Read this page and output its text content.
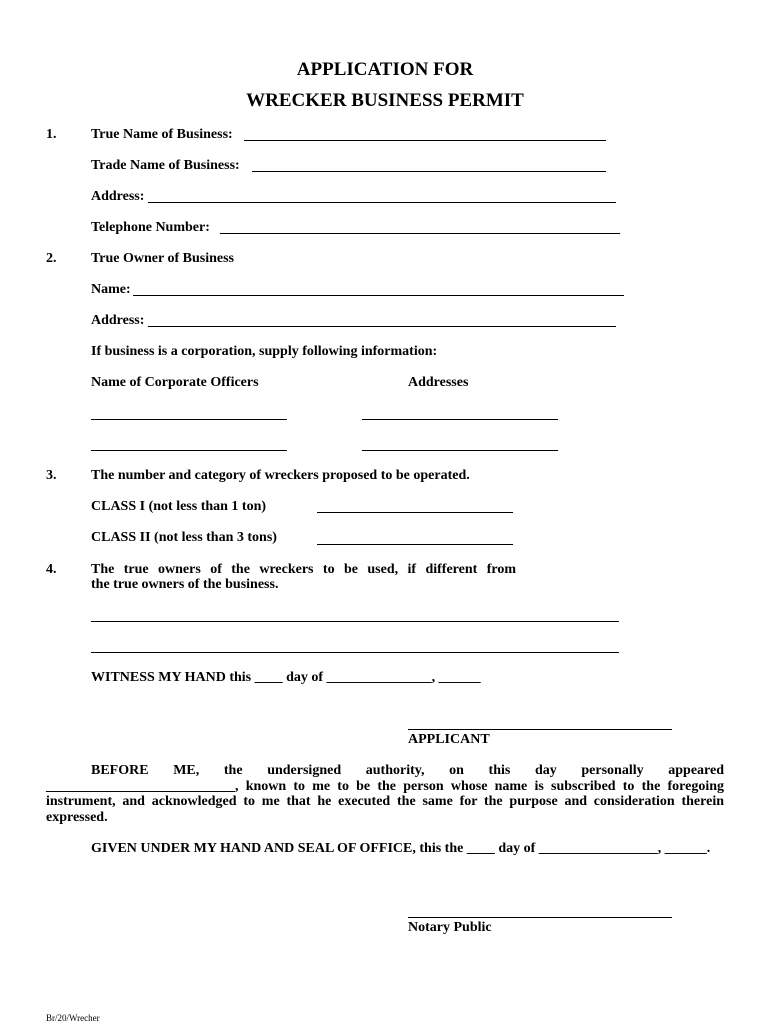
APPLICATION FOR
WRECKER BUSINESS PERMIT
1. True Name of Business:
Trade Name of Business:
Address:
Telephone Number:
2. True Owner of Business
Name:
Address:
If business is a corporation, supply following information:
Name of Corporate Officers	Addresses
3. The number and category of wreckers proposed to be operated.
CLASS I (not less than 1 ton)
CLASS II (not less than 3 tons)
4. The true owners of the wreckers to be used, if different from
the true owners of the business.
WITNESS MY HAND this ____ day of _______________, ______
APPLICANT
BEFORE ME, the undersigned authority, on this day personally appeared ___________________________, known to me to be the person whose name is subscribed to the foregoing instrument, and acknowledged to me that he executed the same for the purpose and consideration therein expressed.
GIVEN UNDER MY HAND AND SEAL OF OFFICE, this the ____ day of _________________, ______.
Notary Public
Br/20/Wrecher
